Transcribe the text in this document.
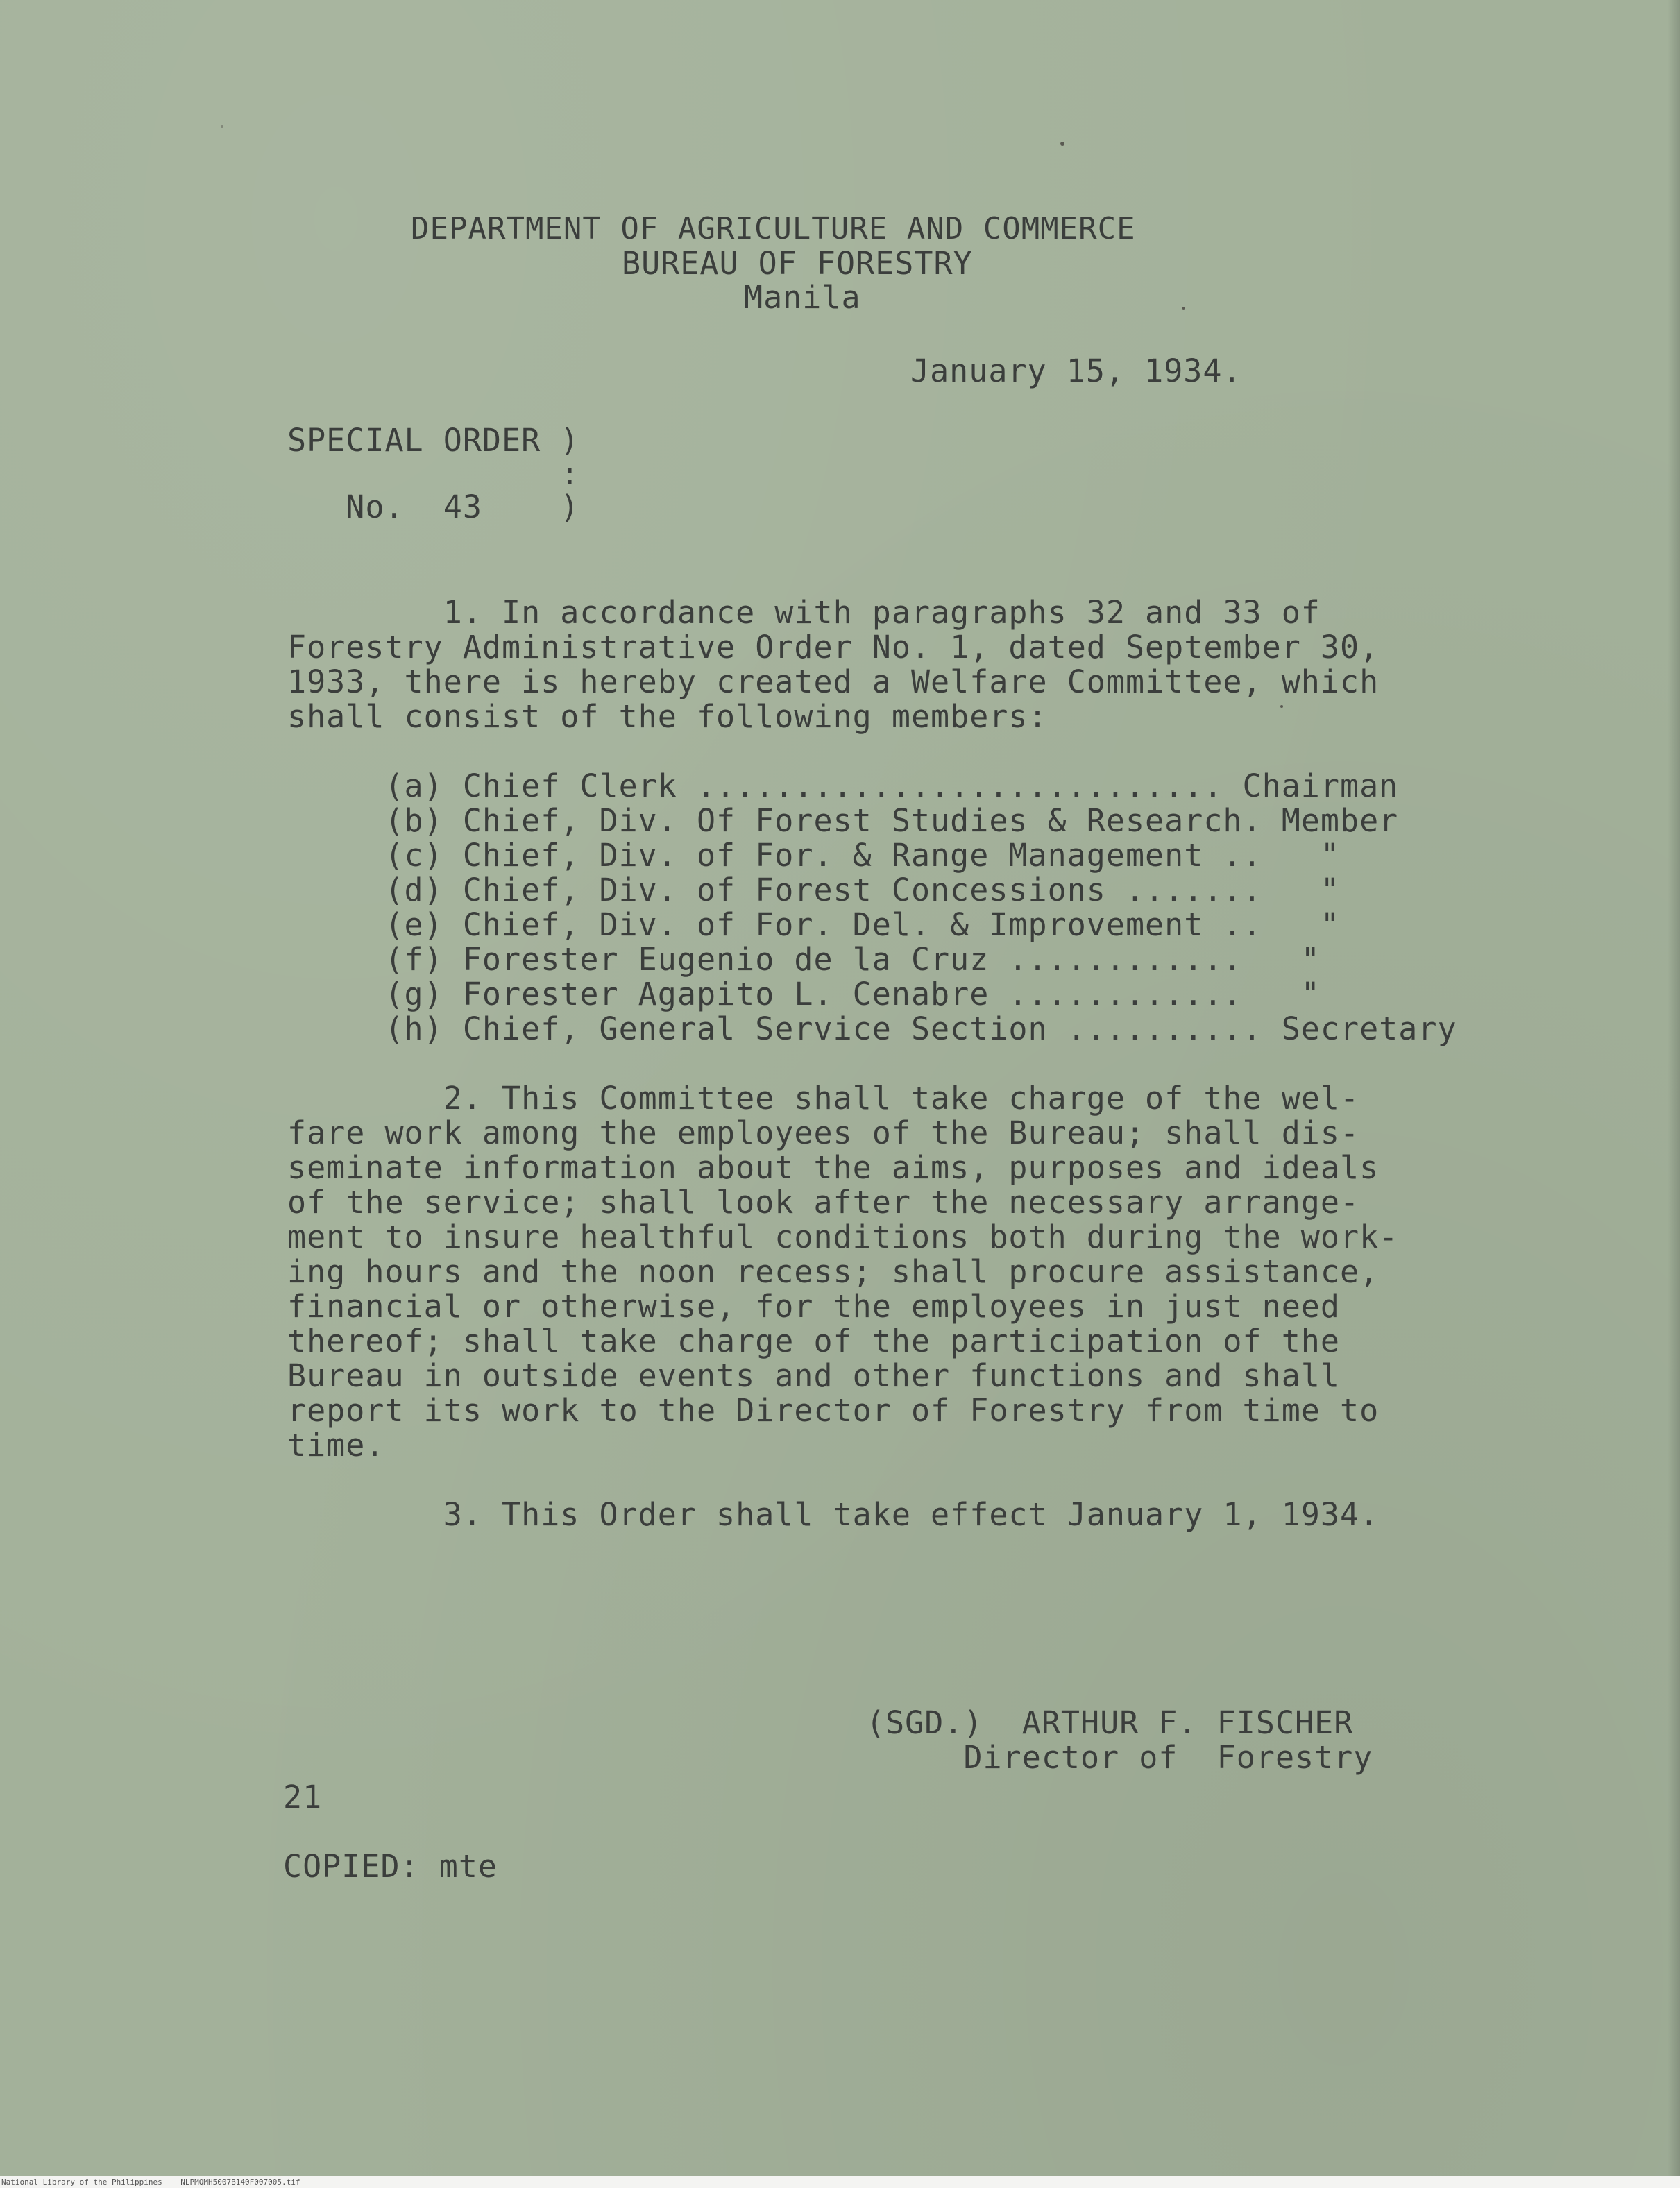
DEPARTMENT OF AGRICULTURE AND COMMERCE
BUREAU OF FORESTRY
Manila
January 15, 1934.
SPECIAL ORDER )
:
No.  43    )
1. In accordance with paragraphs 32 and 33 of
Forestry Administrative Order No. 1, dated September 30,
1933, there is hereby created a Welfare Committee, which
shall consist of the following members:
(a) Chief Clerk ........................... Chairman
(b) Chief, Div. Of Forest Studies & Research. Member
(c) Chief, Div. of For. & Range Management ..   "
(d) Chief, Div. of Forest Concessions .......   "
(e) Chief, Div. of For. Del. & Improvement ..   "
(f) Forester Eugenio de la Cruz ............   "
(g) Forester Agapito L. Cenabre ............   "
(h) Chief, General Service Section .......... Secretary
2. This Committee shall take charge of the wel-
fare work among the employees of the Bureau; shall dis-
seminate information about the aims, purposes and ideals
of the service; shall look after the necessary arrange-
ment to insure healthful conditions both during the work-
ing hours and the noon recess; shall procure assistance,
financial or otherwise, for the employees in just need
thereof; shall take charge of the participation of the
Bureau in outside events and other functions and shall
report its work to the Director of Forestry from time to
time.
3. This Order shall take effect January 1, 1934.
(SGD.)  ARTHUR F. FISCHER
Director of  Forestry
21
COPIED: mte
National Library of the Philippines    NLPMQMH5007B140F007005.tif
